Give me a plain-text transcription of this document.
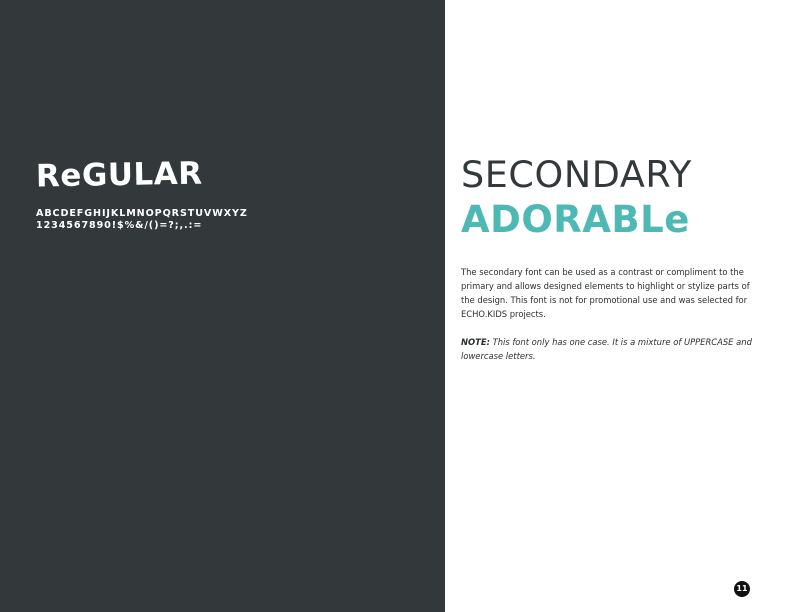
ReGULAR

ABCDEFGHIJKLMNOPQRSTUVWXYZ

1234567890!$%&/()=?;,.:=

SECONDARY
ADORABLe

The secondary font can be used as a contrast or compliment to the primary and allows designed elements to highlight or stylize parts of the design. This font is not for promotional use and was selected for ECHO.KIDS projects.

NOTE: This font only has one case. It is a mixture of UPPERCASE and lowercase letters.

11
